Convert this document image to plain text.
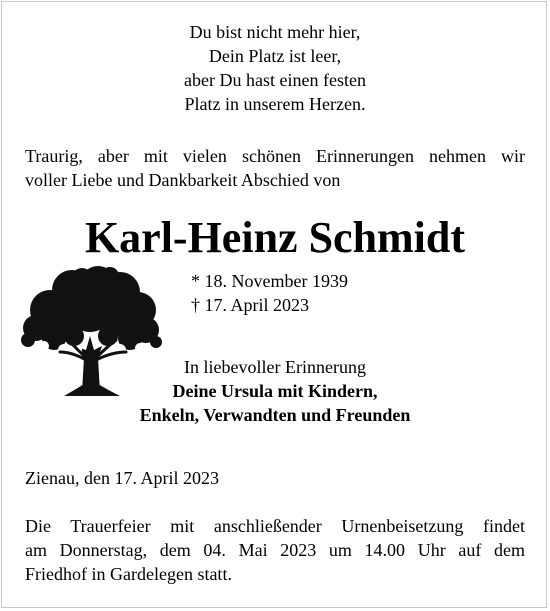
Du bist nicht mehr hier,
Dein Platz ist leer,
aber Du hast einen festen
Platz in unserem Herzen.
Traurig, aber mit vielen schönen Erinnerungen nehmen wir
voller Liebe und Dankbarkeit Abschied von
Karl-Heinz Schmidt
* 18. November 1939
† 17. April 2023
In liebevoller Erinnerung
Deine Ursula mit Kindern,
Enkeln, Verwandten und Freunden
Zienau, den 17. April 2023
Die Trauerfeier mit anschließender Urnenbeisetzung findet
am Donnerstag, dem 04. Mai 2023 um 14.00 Uhr auf dem
Friedhof in Gardelegen statt.
